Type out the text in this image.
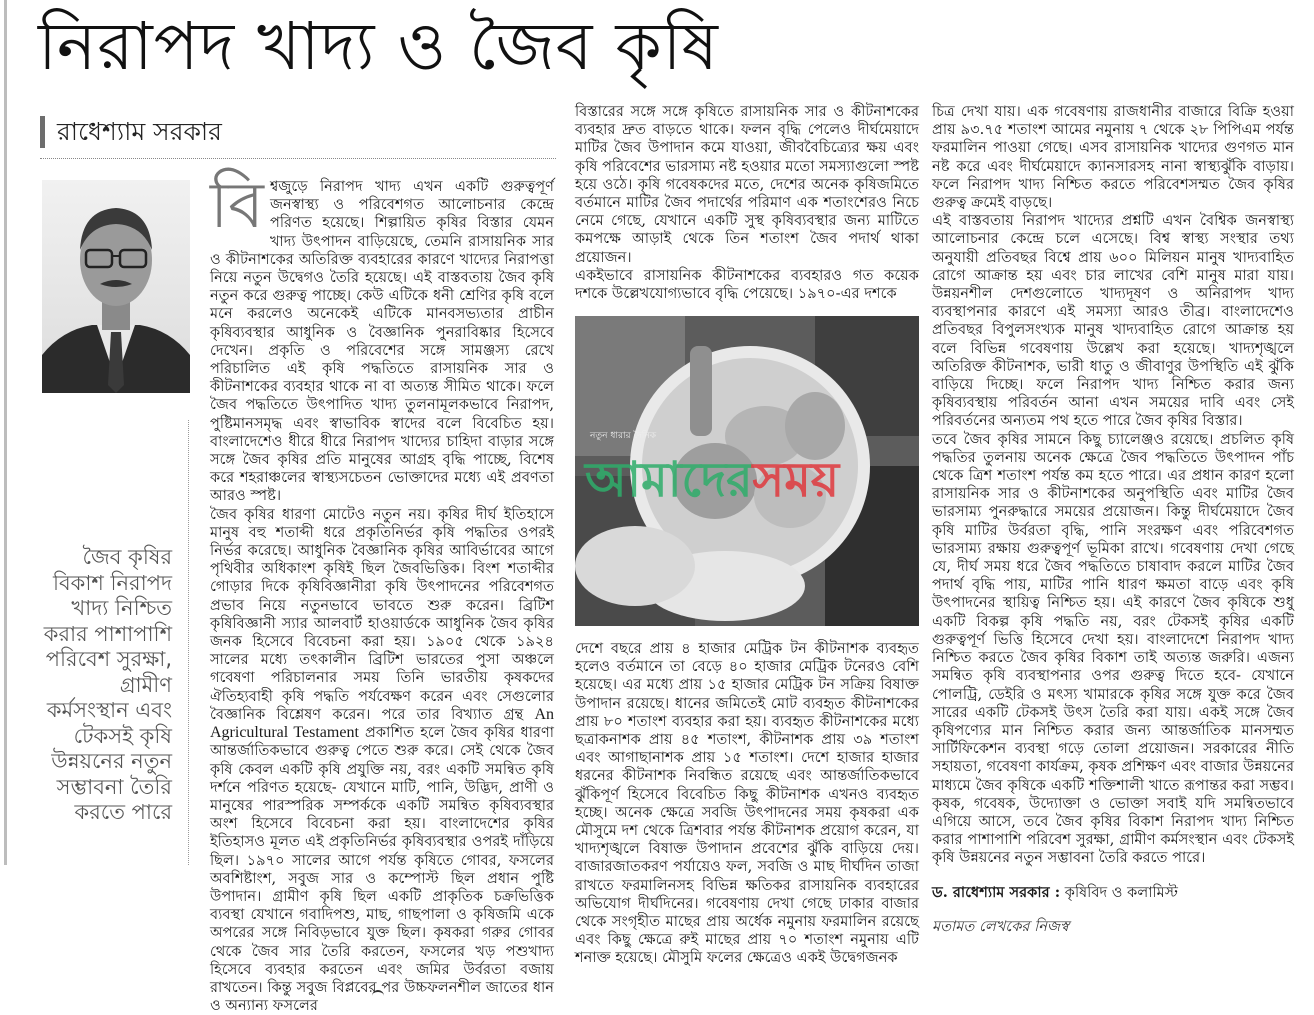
নিরাপদ খাদ্য ও জৈব কৃষি
রাধেশ্যাম সরকার
জৈব কৃষির বিকাশ নিরাপদ খাদ্য নিশ্চিত করার পাশাপাশি পরিবেশ সুরক্ষা, গ্রামীণ কর্মসংস্থান এবং টেকসই কৃষি উন্নয়নের নতুন সম্ভাবনা তৈরি করতে পারে

বিশ্বজুড়ে নিরাপদ খাদ্য এখন একটি গুরুত্বপূর্ণ জনস্বাস্থ্য ও পরিবেশগত আলোচনার কেন্দ্রে পরিণত হয়েছে। শিল্পায়িত কৃষির বিস্তার যেমন খাদ্য উৎপাদন বাড়িয়েছে, তেমনি রাসায়নিক সার ও কীটনাশকের অতিরিক্ত ব্যবহারের কারণে খাদ্যের নিরাপত্তা নিয়ে নতুন উদ্বেগও তৈরি হয়েছে। এই বাস্তবতায় জৈব কৃষি নতুন করে গুরুত্ব পাচ্ছে। কেউ এটিকে ধনী শ্রেণির কৃষি বলে মনে করলেও অনেকেই এটিকে মানবসভ্যতার প্রাচীন কৃষিব্যবস্থার আধুনিক ও বৈজ্ঞানিক পুনরাবিষ্কার হিসেবে দেখেন। প্রকৃতি ও পরিবেশের সঙ্গে সামঞ্জস্য রেখে পরিচালিত এই কৃষি পদ্ধতিতে রাসায়নিক সার ও কীটনাশকের ব্যবহার থাকে না বা অত্যন্ত সীমিত থাকে। ফলে জৈব পদ্ধতিতে উৎপাদিত খাদ্য তুলনামূলকভাবে নিরাপদ, পুষ্টিমানসমৃদ্ধ এবং স্বাভাবিক স্বাদের বলে বিবেচিত হয়। বাংলাদেশেও ধীরে ধীরে নিরাপদ খাদ্যের চাহিদা বাড়ার সঙ্গে সঙ্গে জৈব কৃষির প্রতি মানুষের আগ্রহ বৃদ্ধি পাচ্ছে, বিশেষ করে শহরাঞ্চলের স্বাস্থ্যসচেতন ভোক্তাদের মধ্যে এই প্রবণতা আরও স্পষ্ট।

জৈব কৃষির ধারণা মোটেও নতুন নয়। কৃষির দীর্ঘ ইতিহাসে মানুষ বহু শতাব্দী ধরে প্রকৃতিনির্ভর কৃষি পদ্ধতির ওপরই নির্ভর করেছে। আধুনিক বৈজ্ঞানিক কৃষির আবির্ভাবের আগে পৃথিবীর অধিকাংশ কৃষিই ছিল জৈবভিত্তিক। বিংশ শতাব্দীর গোড়ার দিকে কৃষিবিজ্ঞানীরা কৃষি উৎপাদনের পরিবেশগত প্রভাব নিয়ে নতুনভাবে ভাবতে শুরু করেন। ব্রিটিশ কৃষিবিজ্ঞানী স্যার আলবার্ট হাওয়ার্ডকে আধুনিক জৈব কৃষির জনক হিসেবে বিবেচনা করা হয়। ১৯০৫ থেকে ১৯২৪ সালের মধ্যে তৎকালীন ব্রিটিশ ভারতের পুসা অঞ্চলে গবেষণা পরিচালনার সময় তিনি ভারতীয় কৃষকদের ঐতিহ্যবাহী কৃষি পদ্ধতি পর্যবেক্ষণ করেন এবং সেগুলোর বৈজ্ঞানিক বিশ্লেষণ করেন। পরে তার বিখ্যাত গ্রন্থ An Agricultural Testament প্রকাশিত হলে জৈব কৃষির ধারণা আন্তর্জাতিকভাবে গুরুত্ব পেতে শুরু করে। সেই থেকে জৈব কৃষি কেবল একটি কৃষি প্রযুক্তি নয়, বরং একটি সমন্বিত কৃষি দর্শনে পরিণত হয়েছে- যেখানে মাটি, পানি, উদ্ভিদ, প্রাণী ও মানুষের পারস্পরিক সম্পর্ককে একটি সমন্বিত কৃষিব্যবস্থার অংশ হিসেবে বিবেচনা করা হয়। বাংলাদেশের কৃষির ইতিহাসও মূলত এই প্রকৃতিনির্ভর কৃষিব্যবস্থার ওপরই দাঁড়িয়ে ছিল। ১৯৭০ সালের আগে পর্যন্ত কৃষিতে গোবর, ফসলের অবশিষ্টাংশ, সবুজ সার ও কম্পোস্ট ছিল প্রধান পুষ্টি উপাদান। গ্রামীণ কৃষি ছিল একটি প্রাকৃতিক চক্রভিত্তিক ব্যবস্থা যেখানে গবাদিপশু, মাছ, গাছপালা ও কৃষিজমি একে অপরের সঙ্গে নিবিড়ভাবে যুক্ত ছিল। কৃষকরা গরুর গোবর থেকে জৈব সার তৈরি করতেন, ফসলের খড় পশুখাদ্য হিসেবে ব্যবহার করতেন এবং জমির উর্বরতা বজায় রাখতেন। কিন্তু সবুজ বিপ্লবের পর উচ্চফলনশীল জাতের ধান ও অন্যান্য ফসলের

বিস্তারের সঙ্গে সঙ্গে কৃষিতে রাসায়নিক সার ও কীটনাশকের ব্যবহার দ্রুত বাড়তে থাকে। ফলন বৃদ্ধি পেলেও দীর্ঘমেয়াদে মাটির জৈব উপাদান কমে যাওয়া, জীববৈচিত্র্যের ক্ষয় এবং কৃষি পরিবেশের ভারসাম্য নষ্ট হওয়ার মতো সমস্যাগুলো স্পষ্ট হয়ে ওঠে। কৃষি গবেষকদের মতে, দেশের অনেক কৃষিজমিতে বর্তমানে মাটির জৈব পদার্থের পরিমাণ এক শতাংশেরও নিচে নেমে গেছে, যেখানে একটি সুস্থ কৃষিব্যবস্থার জন্য মাটিতে কমপক্ষে আড়াই থেকে তিন শতাংশ জৈব পদার্থ থাকা প্রয়োজন।

একইভাবে রাসায়নিক কীটনাশকের ব্যবহারও গত কয়েক দশকে উল্লেখযোগ্যভাবে বৃদ্ধি পেয়েছে। ১৯৭০-এর দশকে

নতুন ধারার দৈনিক
আমাদেরসময়

দেশে বছরে প্রায় ৪ হাজার মেট্রিক টন কীটনাশক ব্যবহৃত হলেও বর্তমানে তা বেড়ে ৪০ হাজার মেট্রিক টনেরও বেশি হয়েছে। এর মধ্যে প্রায় ১৫ হাজার মেট্রিক টন সক্রিয় বিষাক্ত উপাদান রয়েছে। ধানের জমিতেই মোট ব্যবহৃত কীটনাশকের প্রায় ৮০ শতাংশ ব্যবহার করা হয়। ব্যবহৃত কীটনাশকের মধ্যে ছত্রাকনাশক প্রায় ৪৫ শতাংশ, কীটনাশক প্রায় ৩৯ শতাংশ এবং আগাছানাশক প্রায় ১৫ শতাংশ। দেশে হাজার হাজার ধরনের কীটনাশক নিবন্ধিত রয়েছে এবং আন্তর্জাতিকভাবে ঝুঁকিপূর্ণ হিসেবে বিবেচিত কিছু কীটনাশক এখনও ব্যবহৃত হচ্ছে। অনেক ক্ষেত্রে সবজি উৎপাদনের সময় কৃষকরা এক মৌসুমে দশ থেকে ত্রিশবার পর্যন্ত কীটনাশক প্রয়োগ করেন, যা খাদ্যশৃঙ্খলে বিষাক্ত উপাদান প্রবেশের ঝুঁকি বাড়িয়ে দেয়। বাজারজাতকরণ পর্যায়েও ফল, সবজি ও মাছ দীর্ঘদিন তাজা রাখতে ফরমালিনসহ বিভিন্ন ক্ষতিকর রাসায়নিক ব্যবহারের অভিযোগ দীর্ঘদিনের। গবেষণায় দেখা গেছে ঢাকার বাজার থেকে সংগৃহীত মাছের প্রায় অর্ধেক নমুনায় ফরমালিন রয়েছে এবং কিছু ক্ষেত্রে রুই মাছের প্রায় ৭০ শতাংশ নমুনায় এটি শনাক্ত হয়েছে। মৌসুমি ফলের ক্ষেত্রেও একই উদ্বেগজনক

চিত্র দেখা যায়। এক গবেষণায় রাজধানীর বাজারে বিক্রি হওয়া প্রায় ৯৩.৭৫ শতাংশ আমের নমুনায় ৭ থেকে ২৮ পিপিএম পর্যন্ত ফরমালিন পাওয়া গেছে। এসব রাসায়নিক খাদ্যের গুণগত মান নষ্ট করে এবং দীর্ঘমেয়াদে ক্যানসারসহ নানা স্বাস্থ্যঝুঁকি বাড়ায়। ফলে নিরাপদ খাদ্য নিশ্চিত করতে পরিবেশসম্মত জৈব কৃষির গুরুত্ব ক্রমেই বাড়ছে।

এই বাস্তবতায় নিরাপদ খাদ্যের প্রশ্নটি এখন বৈশ্বিক জনস্বাস্থ্য আলোচনার কেন্দ্রে চলে এসেছে। বিশ্ব স্বাস্থ্য সংস্থার তথ্য অনুযায়ী প্রতিবছর বিশ্বে প্রায় ৬০০ মিলিয়ন মানুষ খাদ্যবাহিত রোগে আক্রান্ত হয় এবং চার লাখের বেশি মানুষ মারা যায়। উন্নয়নশীল দেশগুলোতে খাদ্যদূষণ ও অনিরাপদ খাদ্য ব্যবস্থাপনার কারণে এই সমস্যা আরও তীব্র। বাংলাদেশেও প্রতিবছর বিপুলসংখ্যক মানুষ খাদ্যবাহিত রোগে আক্রান্ত হয় বলে বিভিন্ন গবেষণায় উল্লেখ করা হয়েছে। খাদ্যশৃঙ্খলে অতিরিক্ত কীটনাশক, ভারী ধাতু ও জীবাণুর উপস্থিতি এই ঝুঁকি বাড়িয়ে দিচ্ছে। ফলে নিরাপদ খাদ্য নিশ্চিত করার জন্য কৃষিব্যবস্থায় পরিবর্তন আনা এখন সময়ের দাবি এবং সেই পরিবর্তনের অন্যতম পথ হতে পারে জৈব কৃষির বিস্তার।

তবে জৈব কৃষির সামনে কিছু চ্যালেঞ্জও রয়েছে। প্রচলিত কৃষি পদ্ধতির তুলনায় অনেক ক্ষেত্রে জৈব পদ্ধতিতে উৎপাদন পাঁচ থেকে ত্রিশ শতাংশ পর্যন্ত কম হতে পারে। এর প্রধান কারণ হলো রাসায়নিক সার ও কীটনাশকের অনুপস্থিতি এবং মাটির জৈব ভারসাম্য পুনরুদ্ধারে সময়ের প্রয়োজন। কিন্তু দীর্ঘমেয়াদে জৈব কৃষি মাটির উর্বরতা বৃদ্ধি, পানি সংরক্ষণ এবং পরিবেশগত ভারসাম্য রক্ষায় গুরুত্বপূর্ণ ভূমিকা রাখে। গবেষণায় দেখা গেছে যে, দীর্ঘ সময় ধরে জৈব পদ্ধতিতে চাষাবাদ করলে মাটির জৈব পদার্থ বৃদ্ধি পায়, মাটির পানি ধারণ ক্ষমতা বাড়ে এবং কৃষি উৎপাদনের স্থায়িত্ব নিশ্চিত হয়। এই কারণে জৈব কৃষিকে শুধু একটি বিকল্প কৃষি পদ্ধতি নয়, বরং টেকসই কৃষির একটি গুরুত্বপূর্ণ ভিত্তি হিসেবে দেখা হয়। বাংলাদেশে নিরাপদ খাদ্য নিশ্চিত করতে জৈব কৃষির বিকাশ তাই অত্যন্ত জরুরি। এজন্য সমন্বিত কৃষি ব্যবস্থাপনার ওপর গুরুত্ব দিতে হবে- যেখানে পোলট্রি, ডেইরি ও মৎস্য খামারকে কৃষির সঙ্গে যুক্ত করে জৈব সারের একটি টেকসই উৎস তৈরি করা যায়। একই সঙ্গে জৈব কৃষিপণ্যের মান নিশ্চিত করার জন্য আন্তর্জাতিক মানসম্মত সার্টিফিকেশন ব্যবস্থা গড়ে তোলা প্রয়োজন। সরকারের নীতি সহায়তা, গবেষণা কার্যক্রম, কৃষক প্রশিক্ষণ এবং বাজার উন্নয়নের মাধ্যমে জৈব কৃষিকে একটি শক্তিশালী খাতে রূপান্তর করা সম্ভব। কৃষক, গবেষক, উদ্যোক্তা ও ভোক্তা সবাই যদি সমন্বিতভাবে এগিয়ে আসে, তবে জৈব কৃষির বিকাশ নিরাপদ খাদ্য নিশ্চিত করার পাশাপাশি পরিবেশ সুরক্ষা, গ্রামীণ কর্মসংস্থান এবং টেকসই কৃষি উন্নয়নের নতুন সম্ভাবনা তৈরি করতে পারে।

ড. রাধেশ্যাম সরকার : কৃষিবিদ ও কলামিস্ট

মতামত লেখকের নিজস্ব
